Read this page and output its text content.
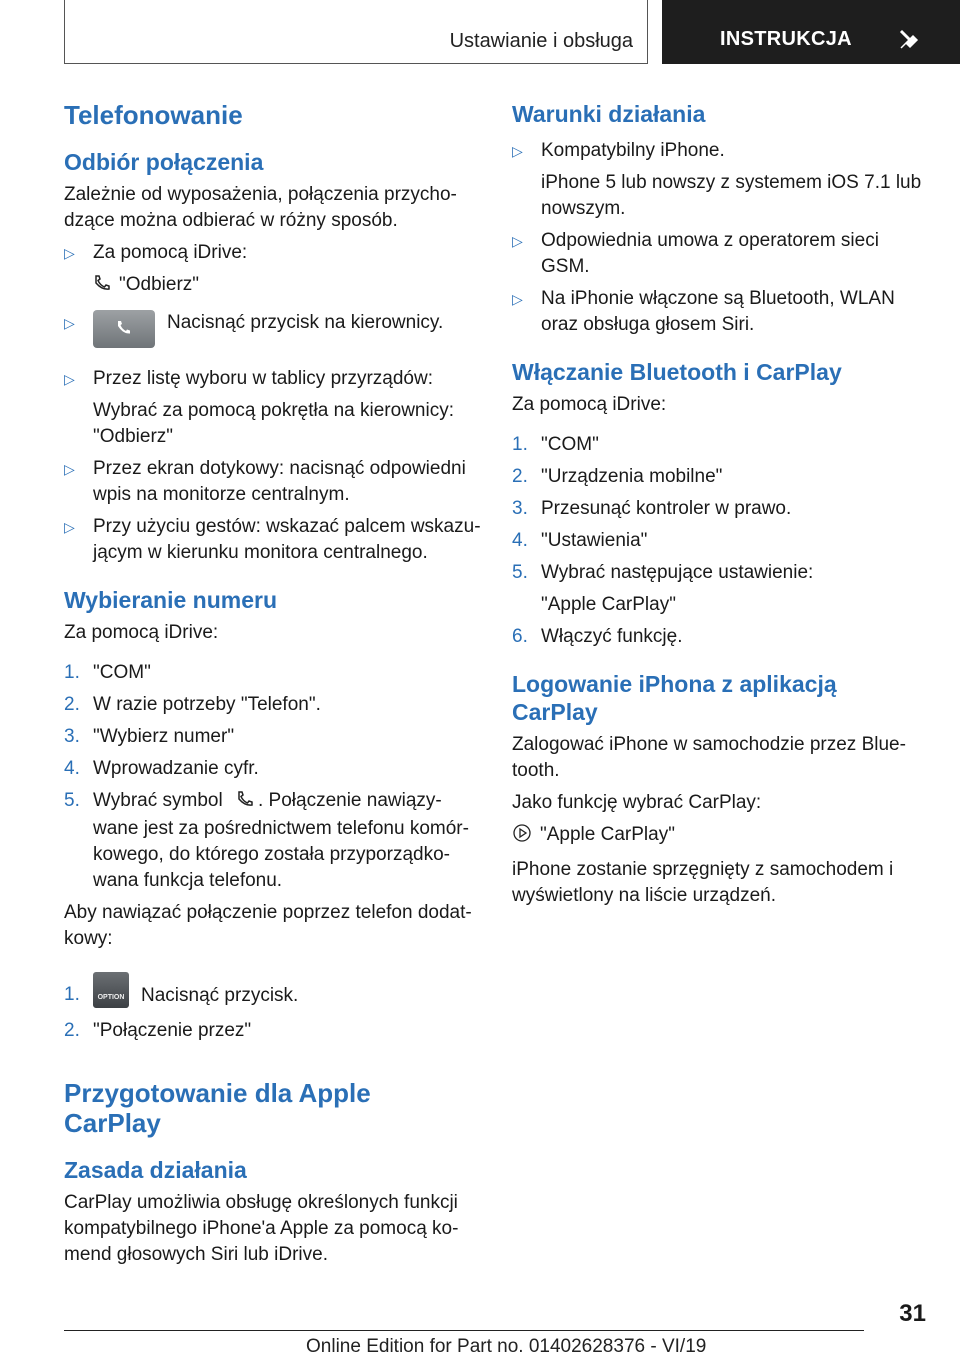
Ustawianie i obsługa	INSTRUKCJA
Telefonowanie
Odbiór połączenia

Zależnie od wyposażenia, połączenia przycho-dzące można odbierać w różny sposób.

▷ Za pomocą iDrive:
"Odbierz"
▷	Nacisnąć przycisk na kierownicy.
▷ Przez listę wyboru w tablicy przyrządów:
Wybrać za pomocą pokrętła na kierownicy: "Odbierz"
▷ Przez ekran dotykowy: nacisnąć odpowiedni wpis na monitorze centralnym.
▷ Przy użyciu gestów: wskazać palcem wskazu-jącym w kierunku monitora centralnego.
Wybieranie numeru

Za pomocą iDrive:

1. "COM"
2. W razie potrzeby "Telefon".
3. "Wybierz numer"
4. Wprowadzanie cyfr.
5. Wybrać symbol . Połączenie nawiązy-wane jest za pośrednictwem telefonu komór-kowego, do którego została przyporządko-wana funkcja telefonu.

Aby nawiązać połączenie poprzez telefon dodat-kowy:

1.	OPTION Nacisnąć przycisk.
2. "Połączenie przez"
Przygotowanie dla Apple CarPlay
Zasada działania

CarPlay umożliwia obsługę określonych funkcji kompatybilnego iPhone'a Apple za pomocą ko-mend głosowych Siri lub iDrive.

Warunki działania
▷ Kompatybilny iPhone.
iPhone 5 lub nowszy z systemem iOS 7.1 lub nowszym.
▷ Odpowiednia umowa z operatorem sieci GSM.
▷ Na iPhonie włączone są Bluetooth, WLAN oraz obsługa głosem Siri.
Włączanie Bluetooth i CarPlay

Za pomocą iDrive:

1. "COM"
2. "Urządzenia mobilne"
3. Przesunąć kontroler w prawo.
4. "Ustawienia"
5. Wybrać następujące ustawienie:
"Apple CarPlay"
6. Włączyć funkcję.
Logowanie iPhona z aplikacją CarPlay

Zalogować iPhone w samochodzie przez Blue-tooth.

Jako funkcję wybrać CarPlay:

"Apple CarPlay"

iPhone zostanie sprzęgnięty z samochodem i wyświetlony na liście urządzeń.

31
Online Edition for Part no. 01402628376 - VI/19
